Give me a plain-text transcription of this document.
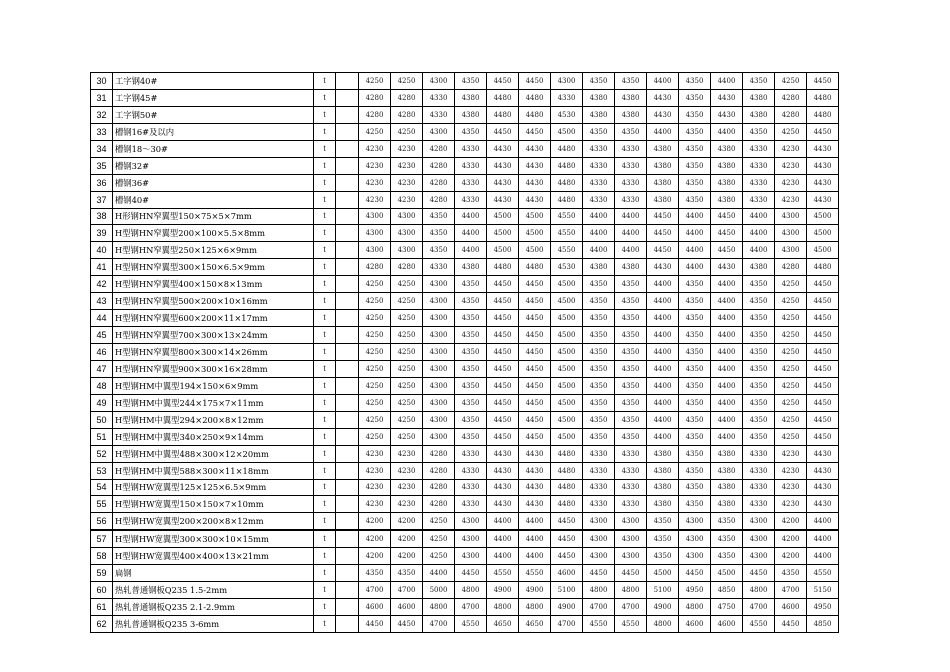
30	工字钢40#	t		4250	4250	4300	4350	4450	4450	4300	4350	4350	4400	4350	4400	4350	4250	4450
31	工字钢45#	t		4280	4280	4330	4380	4480	4480	4330	4380	4380	4430	4350	4430	4380	4280	4480
32	工字钢50#	t		4280	4280	4330	4380	4480	4480	4530	4380	4380	4430	4350	4430	4380	4280	4480
33	槽钢16#及以内	t		4250	4250	4300	4350	4450	4450	4500	4350	4350	4400	4350	4400	4350	4250	4450
34	槽钢18～30#	t		4230	4230	4280	4330	4430	4430	4480	4330	4330	4380	4350	4380	4330	4230	4430
35	槽钢32#	t		4230	4230	4280	4330	4430	4430	4480	4330	4330	4380	4350	4380	4330	4230	4430
36	槽钢36#	t		4230	4230	4280	4330	4430	4430	4480	4330	4330	4380	4350	4380	4330	4230	4430
37	槽钢40#	t		4230	4230	4280	4330	4430	4430	4480	4330	4330	4380	4350	4380	4330	4230	4430
38	H形钢HN窄翼型150×75×5×7mm	t		4300	4300	4350	4400	4500	4500	4550	4400	4400	4450	4400	4450	4400	4300	4500
39	H型钢HN窄翼型200×100×5.5×8mm	t		4300	4300	4350	4400	4500	4500	4550	4400	4400	4450	4400	4450	4400	4300	4500
40	H型钢HN窄翼型250×125×6×9mm	t		4300	4300	4350	4400	4500	4500	4550	4400	4400	4450	4400	4450	4400	4300	4500
41	H型钢HN窄翼型300×150×6.5×9mm	t		4280	4280	4330	4380	4480	4480	4530	4380	4380	4430	4400	4430	4380	4280	4480
42	H型钢HN窄翼型400×150×8×13mm	t		4250	4250	4300	4350	4450	4450	4500	4350	4350	4400	4350	4400	4350	4250	4450
43	H型钢HN窄翼型500×200×10×16mm	t		4250	4250	4300	4350	4450	4450	4500	4350	4350	4400	4350	4400	4350	4250	4450
44	H型钢HN窄翼型600×200×11×17mm	t		4250	4250	4300	4350	4450	4450	4500	4350	4350	4400	4350	4400	4350	4250	4450
45	H型钢HN窄翼型700×300×13×24mm	t		4250	4250	4300	4350	4450	4450	4500	4350	4350	4400	4350	4400	4350	4250	4450
46	H型钢HN窄翼型800×300×14×26mm	t		4250	4250	4300	4350	4450	4450	4500	4350	4350	4400	4350	4400	4350	4250	4450
47	H型钢HN窄翼型900×300×16×28mm	t		4250	4250	4300	4350	4450	4450	4500	4350	4350	4400	4350	4400	4350	4250	4450
48	H型钢HM中翼型194×150×6×9mm	t		4250	4250	4300	4350	4450	4450	4500	4350	4350	4400	4350	4400	4350	4250	4450
49	H型钢HM中翼型244×175×7×11mm	t		4250	4250	4300	4350	4450	4450	4500	4350	4350	4400	4350	4400	4350	4250	4450
50	H型钢HM中翼型294×200×8×12mm	t		4250	4250	4300	4350	4450	4450	4500	4350	4350	4400	4350	4400	4350	4250	4450
51	H型钢HM中翼型340×250×9×14mm	t		4250	4250	4300	4350	4450	4450	4500	4350	4350	4400	4350	4400	4350	4250	4450
52	H型钢HM中翼型488×300×12×20mm	t		4230	4230	4280	4330	4430	4430	4480	4330	4330	4380	4350	4380	4330	4230	4430
53	H型钢HM中翼型588×300×11×18mm	t		4230	4230	4280	4330	4430	4430	4480	4330	4330	4380	4350	4380	4330	4230	4430
54	H型钢HW宽翼型125×125×6.5×9mm	t		4230	4230	4280	4330	4430	4430	4480	4330	4330	4380	4350	4380	4330	4230	4430
55	H型钢HW宽翼型150×150×7×10mm	t		4230	4230	4280	4330	4430	4430	4480	4330	4330	4380	4350	4380	4330	4230	4430
56	H型钢HW宽翼型200×200×8×12mm	t		4200	4200	4250	4300	4400	4400	4450	4300	4300	4350	4300	4350	4300	4200	4400
57	H型钢HW宽翼型300×300×10×15mm	t		4200	4200	4250	4300	4400	4400	4450	4300	4300	4350	4300	4350	4300	4200	4400
58	H型钢HW宽翼型400×400×13×21mm	t		4200	4200	4250	4300	4400	4400	4450	4300	4300	4350	4300	4350	4300	4200	4400
59	扁钢	t		4350	4350	4400	4450	4550	4550	4600	4450	4450	4500	4450	4500	4450	4350	4550
60	热轧普通钢板Q235 1.5-2mm	t		4700	4700	5000	4800	4900	4900	5100	4800	4800	5100	4950	4850	4800	4700	5150
61	热轧普通钢板Q235 2.1-2.9mm	t		4600	4600	4800	4700	4800	4800	4900	4700	4700	4900	4800	4750	4700	4600	4950
62	热轧普通钢板Q235 3-6mm	t		4450	4450	4700	4550	4650	4650	4700	4550	4550	4800	4600	4600	4550	4450	4850
